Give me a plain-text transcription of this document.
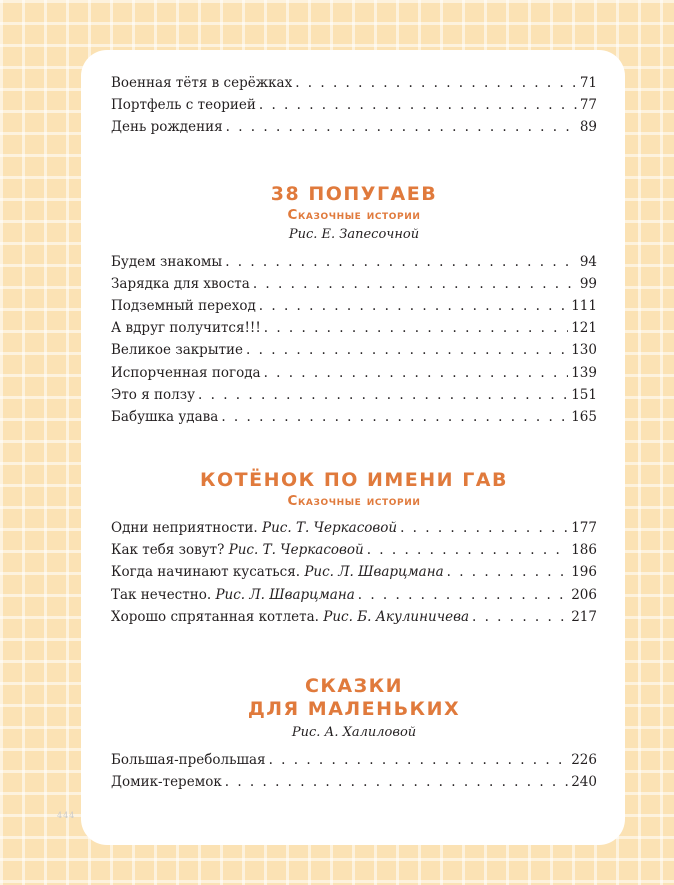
Военная тётя в серёжках . . .	71
Портфель с теорией . . .	77
День рождения . . .	89
38 ПОПУГАЕВ
Сказочные истории
Рис. Е. Запесочной
Будем знакомы . . .	94
Зарядка для хвоста . . .	99
Подземный переход . . .	111
А вдруг получится!!! . . .	121
Великое закрытие . . .	130
Испорченная погода . . .	139
Это я ползу . . .	151
Бабушка удава . . .	165
КОТЁНОК ПО ИМЕНИ ГАВ
Сказочные истории
Одни неприятности. Рис. Т. Черкасовой . . .	177
Как тебя зовут? Рис. Т. Черкасовой . . .	186
Когда начинают кусаться. Рис. Л. Шварцмана . . .	196
Так нечестно. Рис. Л. Шварцмана . . .	206
Хорошо спрятанная котлета. Рис. Б. Акулиничева . . .	217
СКАЗКИ
ДЛЯ МАЛЕНЬКИХ
Рис. А. Халиловой
Большая-пребольшая . . .	226
Домик-теремок . . .	240
444
